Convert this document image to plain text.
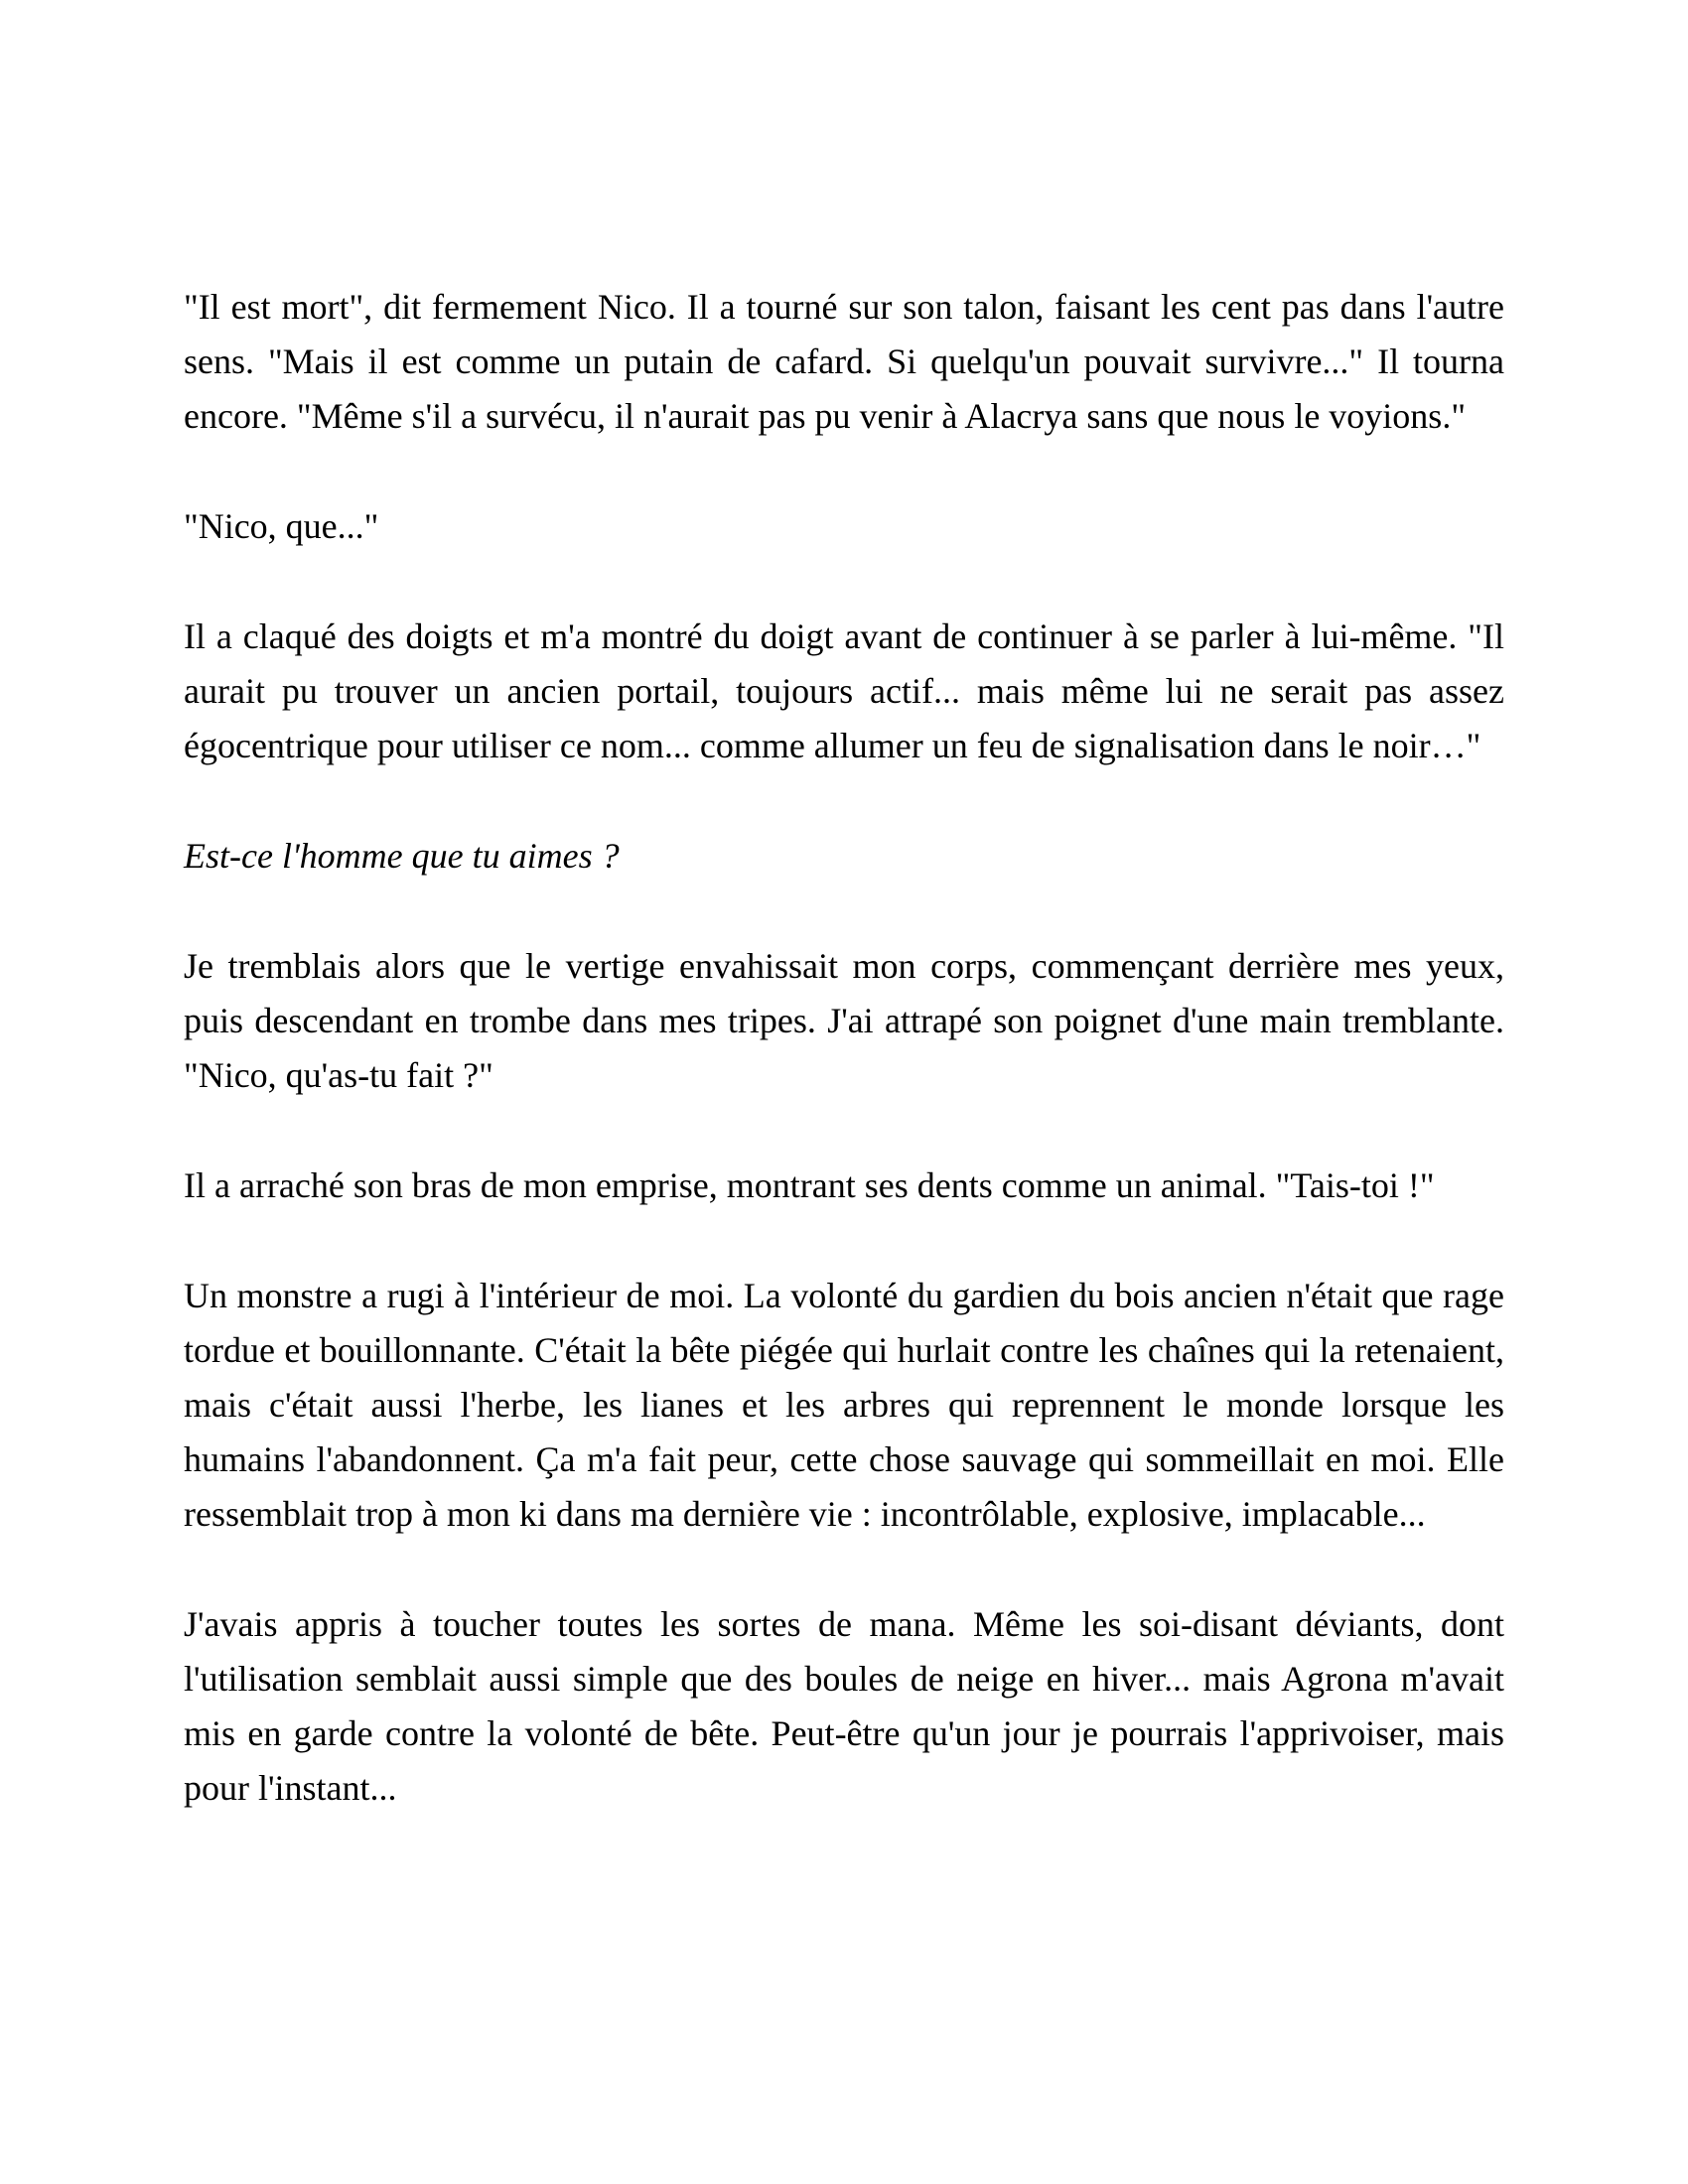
"Il est mort", dit fermement Nico. Il a tourné sur son talon, faisant les cent pas dans l'autre sens. "Mais il est comme un putain de cafard. Si quelqu'un pouvait survivre..." Il tourna encore. "Même s'il a survécu, il n'aurait pas pu venir à Alacrya sans que nous le voyions."

"Nico, que..."

Il a claqué des doigts et m'a montré du doigt avant de continuer à se parler à lui-même. "Il aurait pu trouver un ancien portail, toujours actif... mais même lui ne serait pas assez égocentrique pour utiliser ce nom... comme allumer un feu de signalisation dans le noir…"

Est-ce l'homme que tu aimes ?

Je tremblais alors que le vertige envahissait mon corps, commençant derrière mes yeux, puis descendant en trombe dans mes tripes. J'ai attrapé son poignet d'une main tremblante. "Nico, qu'as-tu fait ?"

Il a arraché son bras de mon emprise, montrant ses dents comme un animal. "Tais-toi !"

Un monstre a rugi à l'intérieur de moi. La volonté du gardien du bois ancien n'était que rage tordue et bouillonnante. C'était la bête piégée qui hurlait contre les chaînes qui la retenaient, mais c'était aussi l'herbe, les lianes et les arbres qui reprennent le monde lorsque les humains l'abandonnent. Ça m'a fait peur, cette chose sauvage qui sommeillait en moi. Elle ressemblait trop à mon ki dans ma dernière vie : incontrôlable, explosive, implacable...

J'avais appris à toucher toutes les sortes de mana. Même les soi-disant déviants, dont l'utilisation semblait aussi simple que des boules de neige en hiver... mais Agrona m'avait mis en garde contre la volonté de bête. Peut-être qu'un jour je pourrais l'apprivoiser, mais pour l'instant...
